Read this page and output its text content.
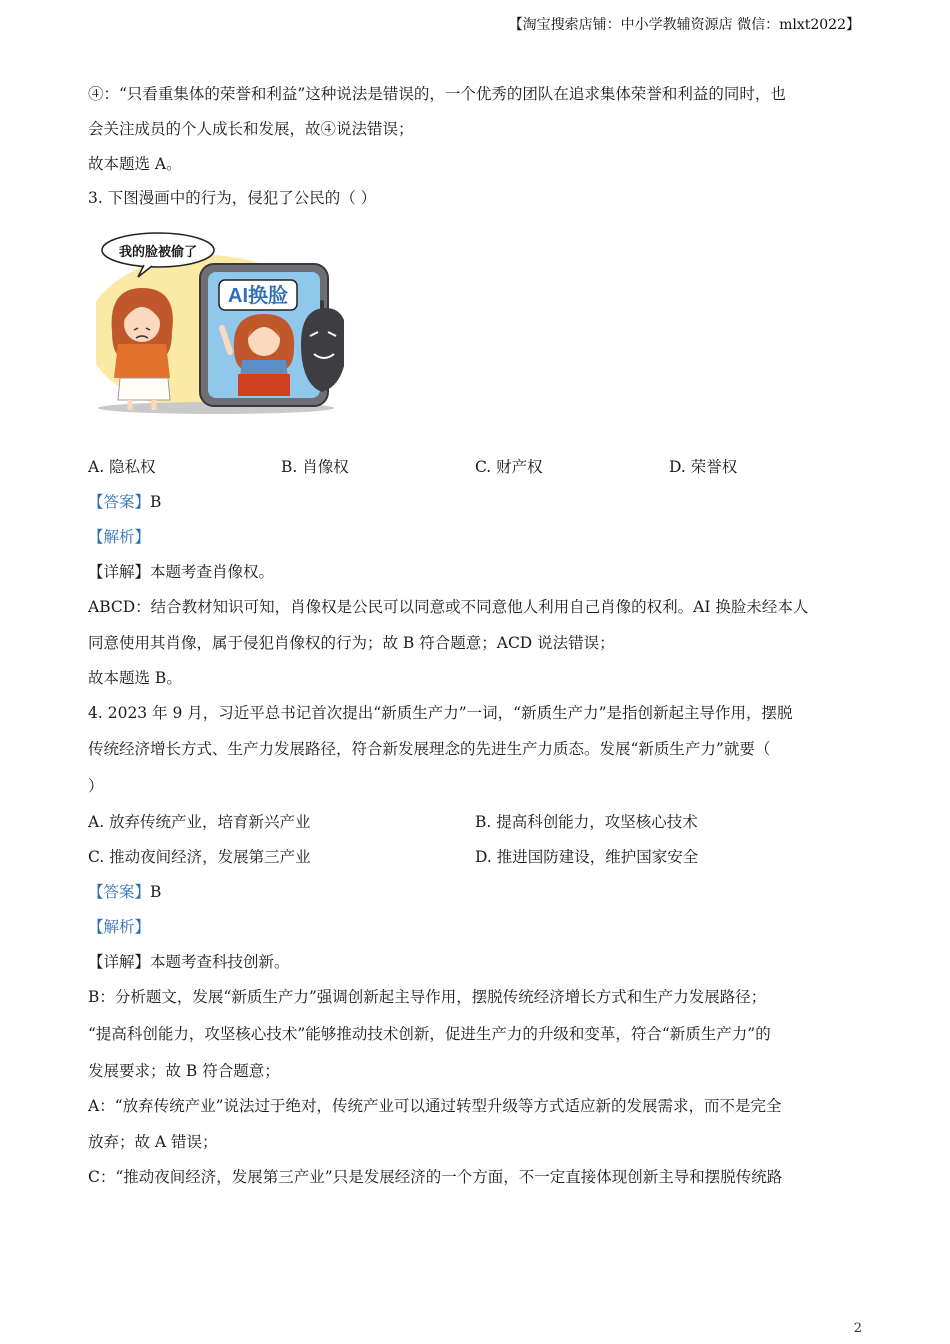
【淘宝搜索店铺：中小学教辅资源店 微信：mlxt2022】
④：“只看重集体的荣誉和利益”这种说法是错误的，一个优秀的团队在追求集体荣誉和利益的同时，也
会关注成员的个人成长和发展，故④说法错误；
故本题选 A。
3. 下图漫画中的行为，侵犯了公民的（ ）
AI换脸
我的脸被偷了
A. 隐私权	B. 肖像权	C. 财产权	D. 荣誉权
【答案】B
【解析】
【详解】本题考查肖像权。
ABCD：结合教材知识可知，肖像权是公民可以同意或不同意他人利用自己肖像的权利。AI 换脸未经本人
同意使用其肖像，属于侵犯肖像权的行为；故 B 符合题意；ACD 说法错误；
故本题选 B。
4. 2023 年 9 月，习近平总书记首次提出“新质生产力”一词，“新质生产力”是指创新起主导作用，摆脱
传统经济增长方式、生产力发展路径，符合新发展理念的先进生产力质态。发展“新质生产力”就要（
）
A. 放弃传统产业，培育新兴产业	B. 提高科创能力，攻坚核心技术
C. 推动夜间经济，发展第三产业	D. 推进国防建设，维护国家安全
【答案】B
【解析】
【详解】本题考查科技创新。
B：分析题文，发展“新质生产力”强调创新起主导作用，摆脱传统经济增长方式和生产力发展路径；
“提高科创能力，攻坚核心技术”能够推动技术创新，促进生产力的升级和变革，符合“新质生产力”的
发展要求；故 B 符合题意；
A：“放弃传统产业”说法过于绝对，传统产业可以通过转型升级等方式适应新的发展需求，而不是完全
放弃；故 A 错误；
C：“推动夜间经济，发展第三产业”只是发展经济的一个方面，不一定直接体现创新主导和摆脱传统路
2
